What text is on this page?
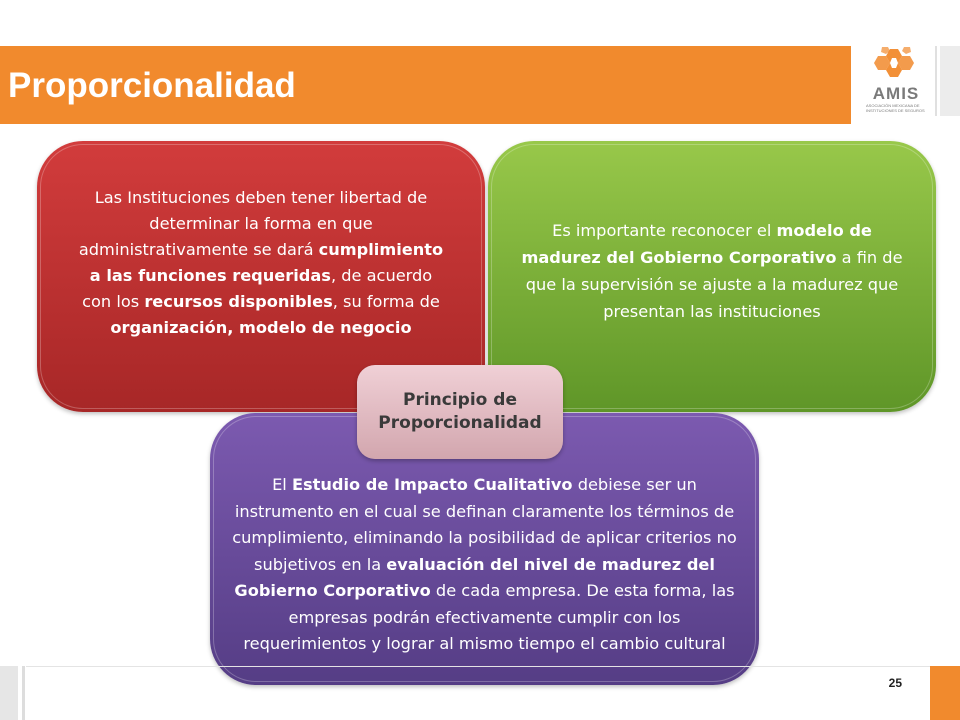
Proporcionalidad	AMIS
ASOCIACIÓN MEXICANA DE INSTITUCIONES DE SEGUROS

Las Instituciones deben tener libertad de determinar la forma en que administrativamente se dará cumplimiento a las funciones requeridas, de acuerdo con los recursos disponibles, su forma de organización, modelo de negocio

Es importante reconocer el modelo de madurez del Gobierno Corporativo a fin de que la supervisión se ajuste a la madurez que presentan las instituciones

El Estudio de Impacto Cualitativo debiese ser un instrumento en el cual se definan claramente los términos de cumplimiento, eliminando la posibilidad de aplicar criterios no subjetivos en la evaluación del nivel de madurez del Gobierno Corporativo de cada empresa. De esta forma, las empresas podrán efectivamente cumplir con los requerimientos y lograr al mismo tiempo el cambio cultural

Principio de
Proporcionalidad
25
